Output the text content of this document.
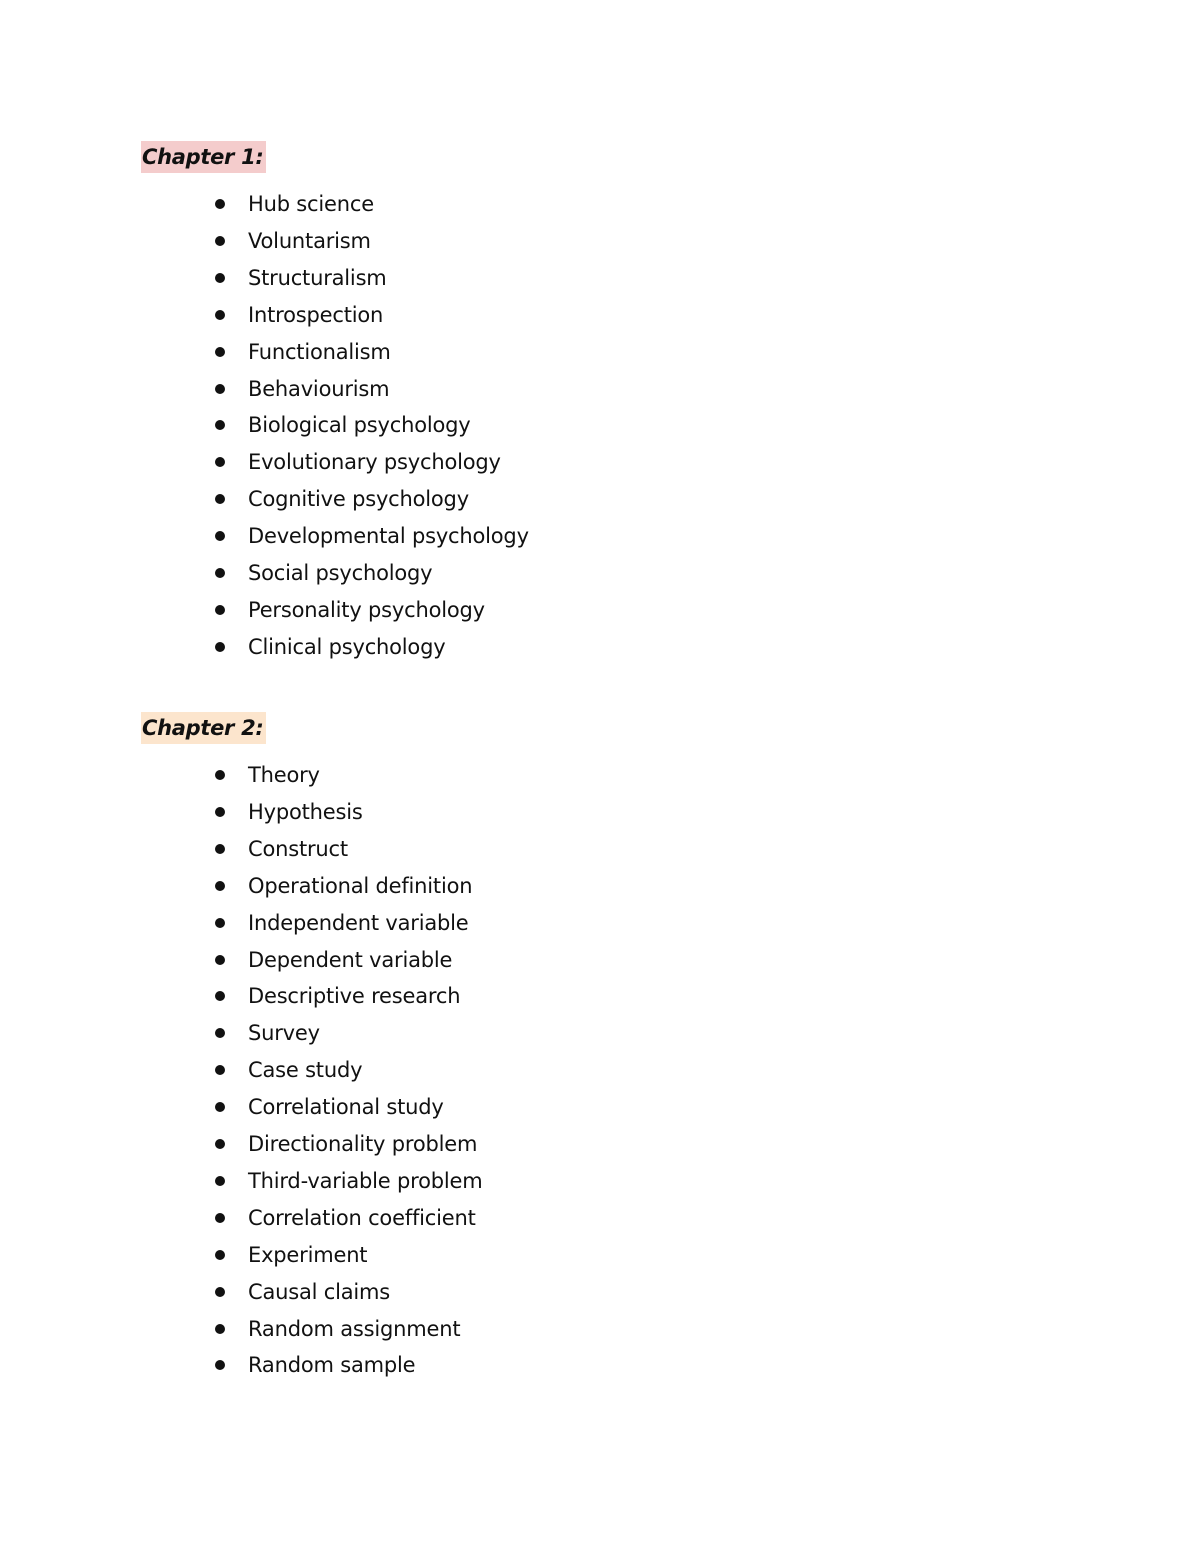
Chapter 1:
Hub science
Voluntarism
Structuralism
Introspection
Functionalism
Behaviourism
Biological psychology
Evolutionary psychology
Cognitive psychology
Developmental psychology
Social psychology
Personality psychology
Clinical psychology
Chapter 2:
Theory
Hypothesis
Construct
Operational definition
Independent variable
Dependent variable
Descriptive research
Survey
Case study
Correlational study
Directionality problem
Third-variable problem
Correlation coefficient
Experiment
Causal claims
Random assignment
Random sample
